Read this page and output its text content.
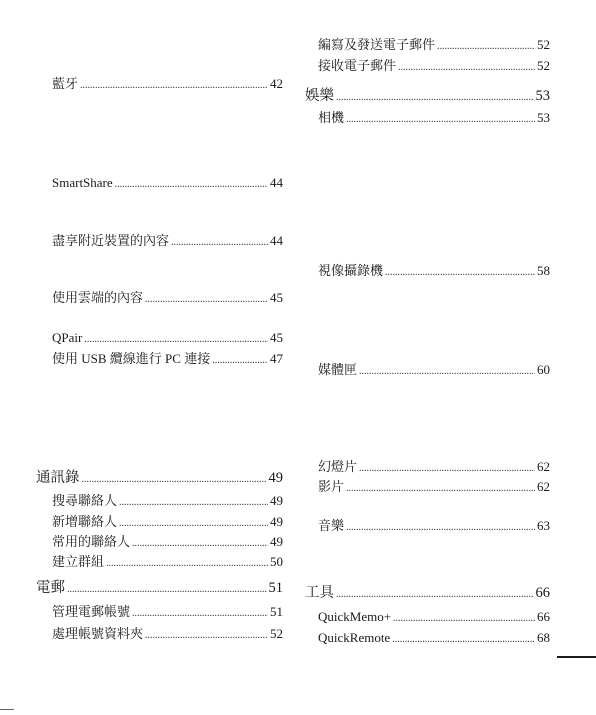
藍牙 .....	42
SmartShare .....	44
盡享附近裝置的內容 .....	44
使用雲端的內容 .....	45
QPair .....	45
使用 USB 纜線進行 PC 連接 .....	47
通訊錄 .....	49
搜尋聯絡人 .....	49
新增聯絡人 .....	49
常用的聯絡人 .....	49
建立群組 .....	50
電郵 .....	51
管理電郵帳號 .....	51
處理帳號資料夾 .....	52
編寫及發送電子郵件 .....	52
接收電子郵件 .....	52
娛樂 .....	53
相機 .....	53
視像攝錄機 .....	58
媒體匣 .....	60
幻燈片 .....	62
影片 .....	62
音樂 .....	63
工具 .....	66
QuickMemo+ .....	66
QuickRemote .....	68
